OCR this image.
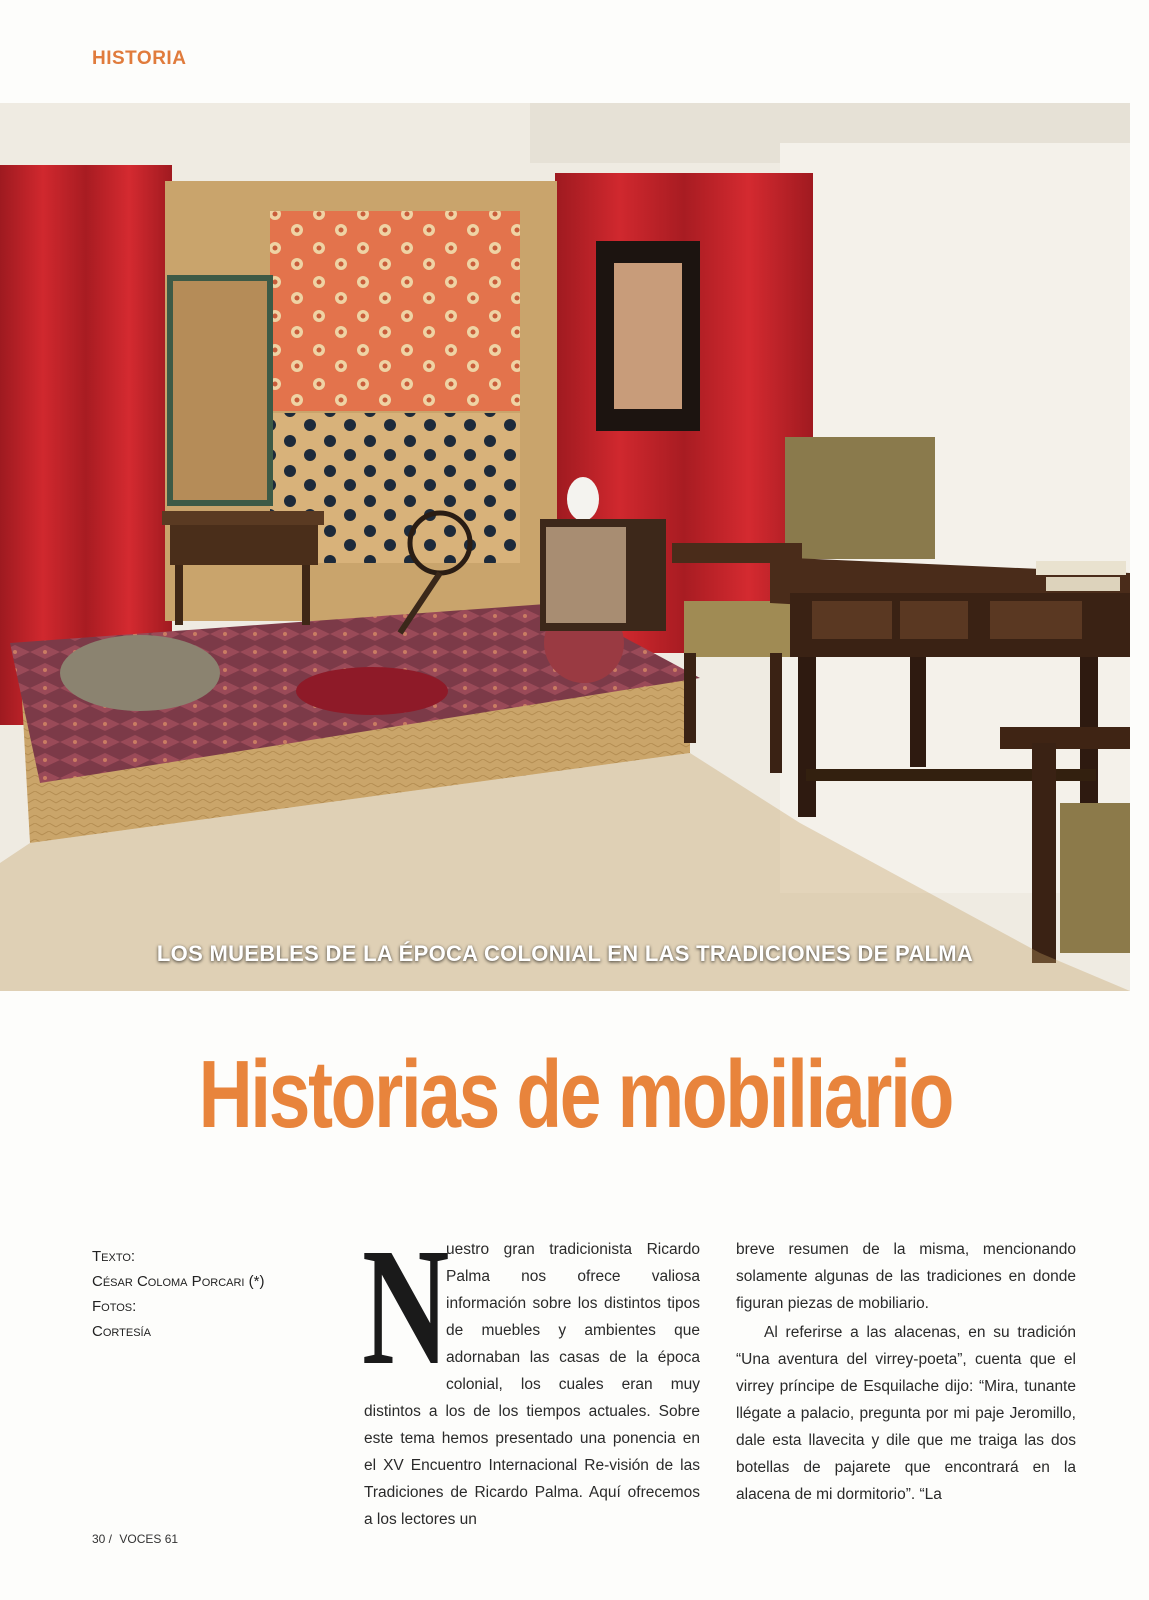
HISTORIA
LOS MUEBLES DE LA ÉPOCA COLONIAL EN LAS TRADICIONES DE PALMA
Historias de mobiliario
Texto:
César Coloma Porcari (*)
Fotos:
Cortesía	N

uestro gran tradicionista Ricardo Palma nos ofrece valiosa información sobre los distintos tipos de muebles y ambientes que adornaban las casas de la época colonial, los cuales eran muy distintos a los de los tiempos actuales. Sobre este tema hemos presentado una ponencia en el XV Encuentro Internacional Re-visión de las Tradiciones de Ricardo Palma. Aquí ofrecemos a los lectores un

breve resumen de la misma, mencionando solamente algunas de las tradiciones en donde figuran piezas de mobiliario.

Al referirse a las alacenas, en su tradición “Una aventura del virrey-poeta”, cuenta que el virrey príncipe de Esquilache dijo: “Mira, tunante llégate a palacio, pregunta por mi paje Jeromillo, dale esta llavecita y dile que me traiga las dos botellas de pajarete que encontrará en la alacena de mi dormitorio”. “La

30 / VOCES 61
